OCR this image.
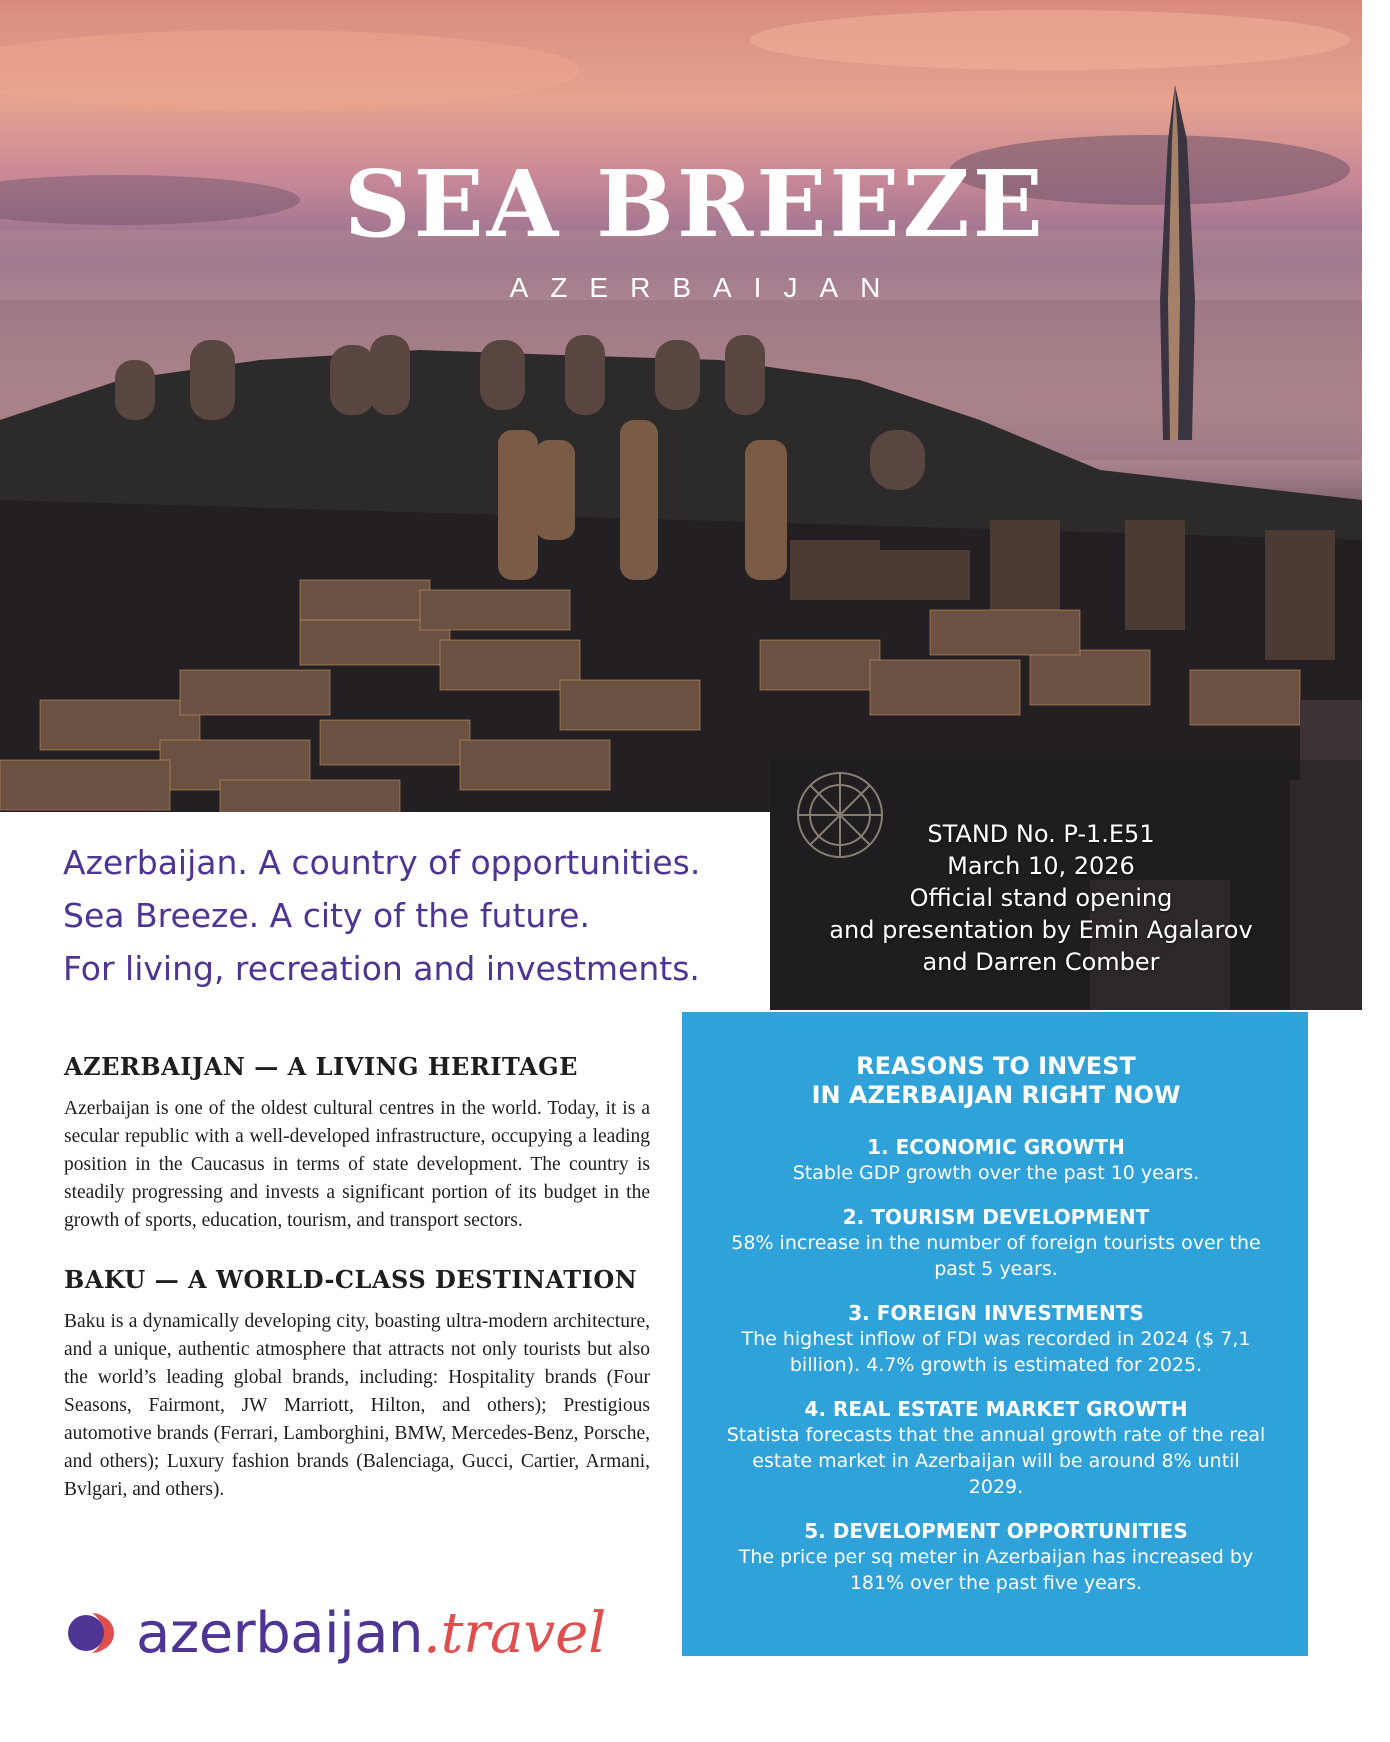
SEA BREEZE
AZERBAIJAN
Azerbaijan. A country of opportunities.
Sea Breeze. A city of the future.
For living, recreation and investments.
STAND No. P-1.E51
March 10, 2026
Official stand opening
and presentation by Emin Agalarov
and Darren Comber
AZERBAIJAN — A LIVING HERITAGE

Azerbaijan is one of the oldest cultural centres in the world. Today, it is a secular republic with a well-developed infrastructure, occupying a leading position in the Caucasus in terms of state development. The country is steadily progressing and invests a significant portion of its budget in the growth of sports, education, tourism, and transport sectors.

BAKU — A WORLD-CLASS DESTINATION

Baku is a dynamically developing city, boasting ultra-modern architecture, and a unique, authentic atmosphere that attracts not only tourists but also the world’s leading global brands, including: Hospitality brands (Four Seasons, Fairmont, JW Marriott, Hilton, and others); Prestigious automotive brands (Ferrari, Lamborghini, BMW, Mercedes-Benz, Porsche, and others); Luxury fashion brands (Balenciaga, Gucci, Cartier, Armani, Bvlgari, and others).

azerbaijan .travel
REASONS TO INVEST
IN AZERBAIJAN RIGHT NOW
1. ECONOMIC GROWTH
Stable GDP growth over the past 10 years.
2. TOURISM DEVELOPMENT
58% increase in the number of foreign tourists over the past 5 years.
3. FOREIGN INVESTMENTS
The highest inflow of FDI was recorded in 2024 ($ 7,1 billion). 4.7% growth is estimated for 2025.
4. REAL ESTATE MARKET GROWTH
Statista forecasts that the annual growth rate of the real estate market in Azerbaijan will be around 8% until 2029.
5. DEVELOPMENT OPPORTUNITIES
The price per sq meter in Azerbaijan has increased by 181% over the past five years.
